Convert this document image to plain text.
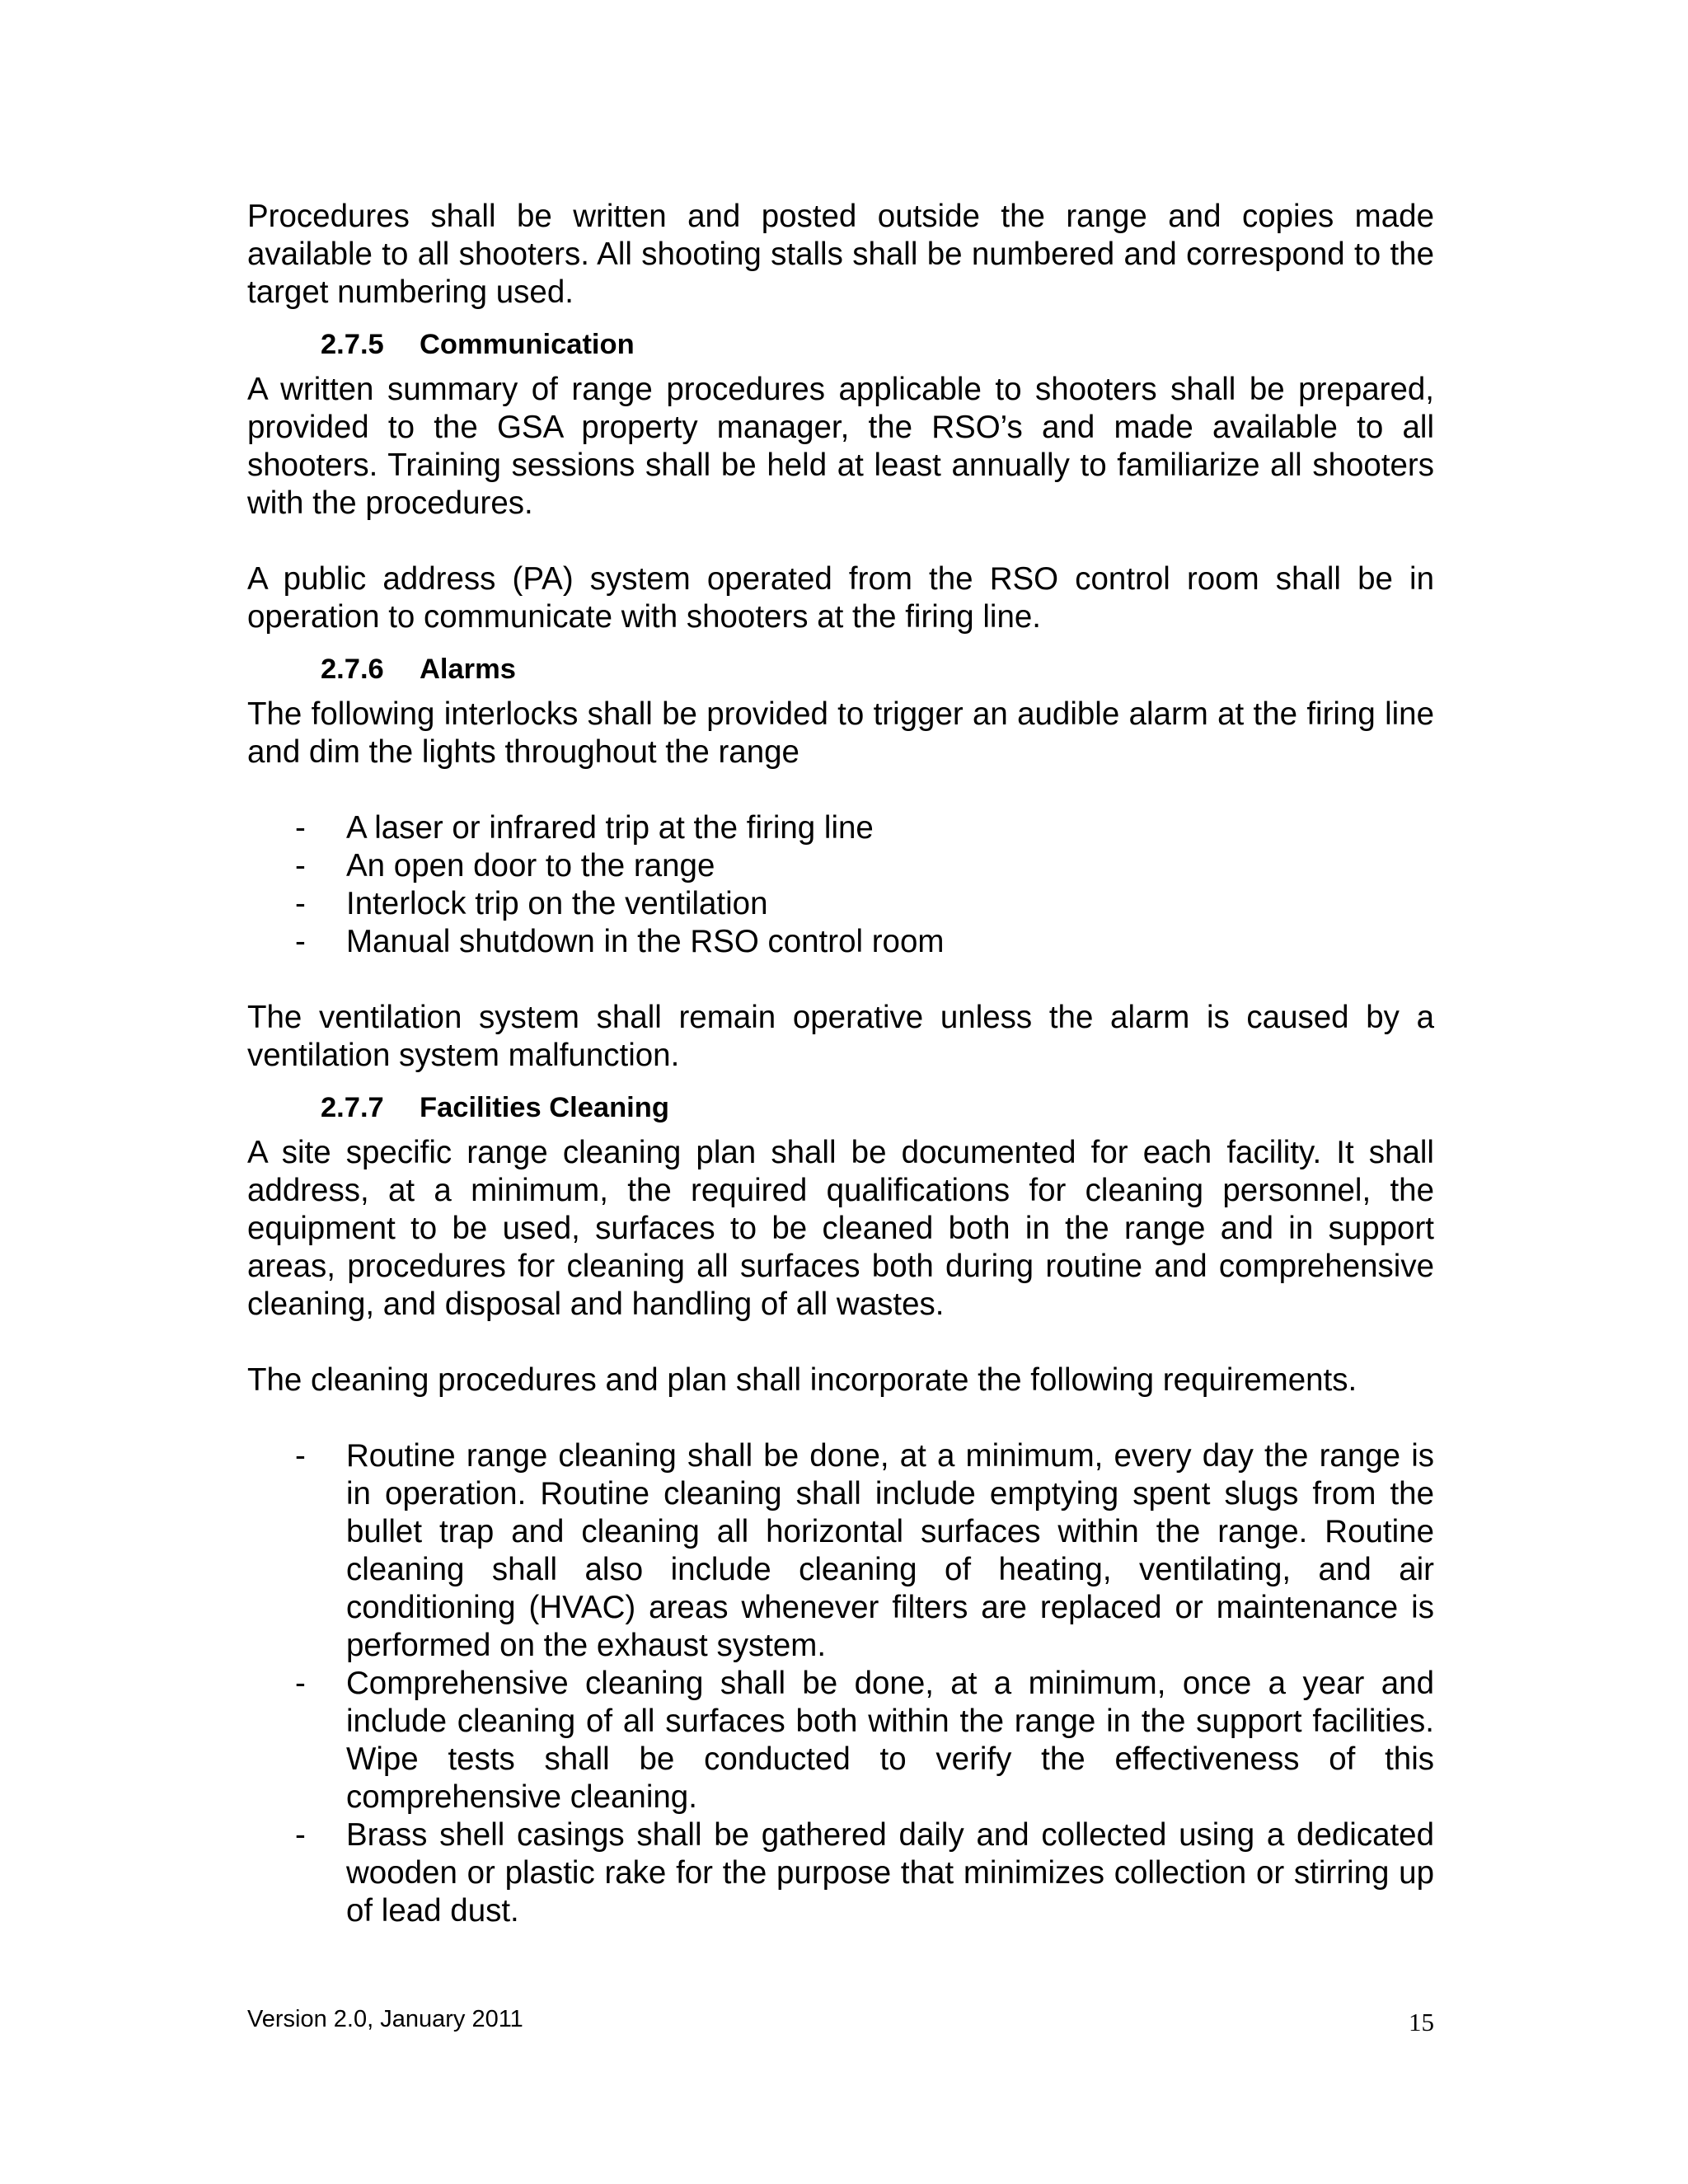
Procedures shall be written and posted outside the range and copies made available to all shooters. All shooting stalls shall be numbered and correspond to the target numbering used.

2.7.5 Communication

A written summary of range procedures applicable to shooters shall be prepared, provided to the GSA property manager, the RSO’s and made available to all shooters. Training sessions shall be held at least annually to familiarize all shooters with the procedures.

A public address (PA) system operated from the RSO control room shall be in operation to communicate with shooters at the firing line.

2.7.6 Alarms

The following interlocks shall be provided to trigger an audible alarm at the firing line and dim the lights throughout the range

- A laser or infrared trip at the firing line
- An open door to the range
- Interlock trip on the ventilation
- Manual shutdown in the RSO control room

The ventilation system shall remain operative unless the alarm is caused by a ventilation system malfunction.

2.7.7 Facilities Cleaning

A site specific range cleaning plan shall be documented for each facility. It shall address, at a minimum, the required qualifications for cleaning personnel, the equipment to be used, surfaces to be cleaned both in the range and in support areas, procedures for cleaning all surfaces both during routine and comprehensive cleaning, and disposal and handling of all wastes.

The cleaning procedures and plan shall incorporate the following requirements.

- Routine range cleaning shall be done, at a minimum, every day the range is in operation. Routine cleaning shall include emptying spent slugs from the bullet trap and cleaning all horizontal surfaces within the range. Routine cleaning shall also include cleaning of heating, ventilating, and air conditioning (HVAC) areas whenever filters are replaced or maintenance is performed on the exhaust system.
- Comprehensive cleaning shall be done, at a minimum, once a year and include cleaning of all surfaces both within the range in the support facilities. Wipe tests shall be conducted to verify the effectiveness of this comprehensive cleaning.
- Brass shell casings shall be gathered daily and collected using a dedicated wooden or plastic rake for the purpose that minimizes collection or stirring up of lead dust.
Version 2.0, January 2011	15
